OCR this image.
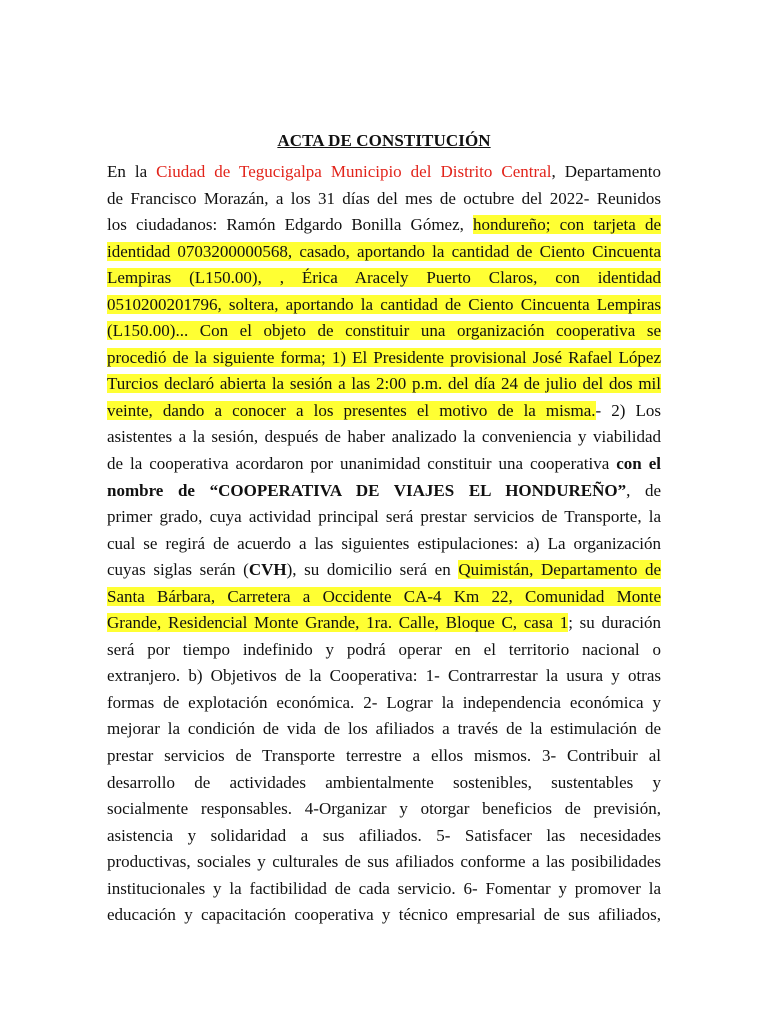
ACTA DE CONSTITUCIÓN
En la Ciudad de Tegucigalpa Municipio del Distrito Central, Departamento
de Francisco Morazán, a los 31 días del mes de octubre del 2022- Reunidos
los ciudadanos: Ramón Edgardo Bonilla Gómez, hondureño; con tarjeta de
identidad 0703200000568, casado, aportando la cantidad de Ciento Cincuenta
Lempiras (L150.00), , Érica Aracely Puerto Claros, con identidad
0510200201796, soltera, aportando la cantidad de Ciento Cincuenta Lempiras
(L150.00)... Con el objeto de constituir una organización cooperativa se
procedió de la siguiente forma; 1) El Presidente provisional José Rafael López
Turcios declaró abierta la sesión a las 2:00 p.m. del día 24 de julio del dos mil
veinte, dando a conocer a los presentes el motivo de la misma.- 2) Los
asistentes a la sesión, después de haber analizado la conveniencia y viabilidad
de la cooperativa acordaron por unanimidad constituir una cooperativa con el
nombre de “COOPERATIVA DE VIAJES EL HONDUREÑO”, de
primer grado, cuya actividad principal será prestar servicios de Transporte, la
cual se regirá de acuerdo a las siguientes estipulaciones: a) La organización
cuyas siglas serán (CVH), su domicilio será en Quimistán, Departamento de
Santa Bárbara, Carretera a Occidente CA-4 Km 22, Comunidad Monte
Grande, Residencial Monte Grande, 1ra. Calle, Bloque C, casa 1; su duración
será por tiempo indefinido y podrá operar en el territorio nacional o
extranjero. b) Objetivos de la Cooperativa: 1- Contrarrestar la usura y otras
formas de explotación económica. 2- Lograr la independencia económica y
mejorar la condición de vida de los afiliados a través de la estimulación de
prestar servicios de Transporte terrestre a ellos mismos. 3- Contribuir al
desarrollo de actividades ambientalmente sostenibles, sustentables y
socialmente responsables. 4-Organizar y otorgar beneficios de previsión,
asistencia y solidaridad a sus afiliados. 5- Satisfacer las necesidades
productivas, sociales y culturales de sus afiliados conforme a las posibilidades
institucionales y la factibilidad de cada servicio. 6- Fomentar y promover la
educación y capacitación cooperativa y técnico empresarial de sus afiliados,
